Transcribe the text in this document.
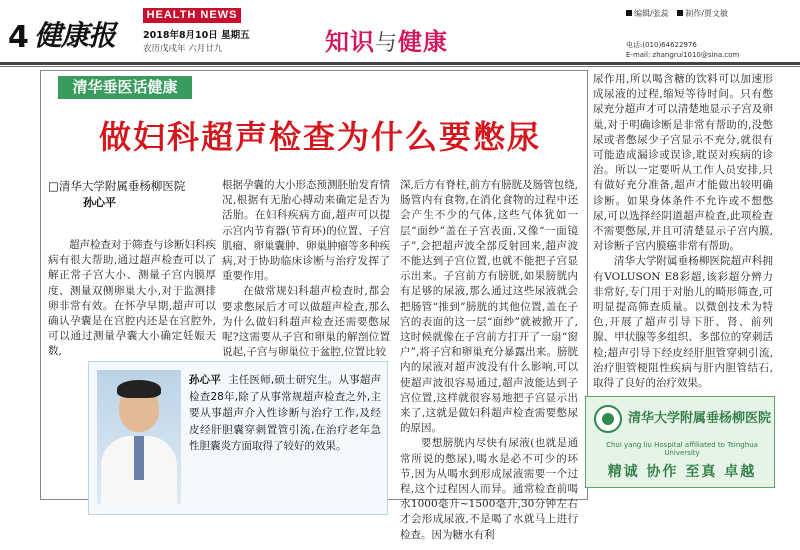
4 健康报
HEALTH NEWS
2018年8月10日 星期五
农历戊戌年 六月廿九	知识与健康
编辑/张蕊 制作/贾文敏
电话:(010)64622976
E-mail: zhangrui1010@sina.com
清华垂医话健康
做妇科超声检查为什么要憋尿
□清华大学附属垂杨柳医院
孙心平

超声检查对于筛查与诊断妇科疾病有很大帮助,通过超声检查可以了解正常子宫大小、测量子宫内膜厚度、测量双侧卵巢大小,对于监测排卵非常有效。在怀孕早期,超声可以确认孕囊是在宫腔内还是在宫腔外,可以通过测量孕囊大小确定妊娠天数,

根据孕囊的大小形态预测胚胎发育情况,根据有无胎心搏动来确定是否为活胎。在妇科疾病方面,超声可以提示宫内节育器(节育环)的位置、子宫肌瘤、卵巢囊肿、卵巢肿瘤等多种疾病,对于协助临床诊断与治疗发挥了重要作用。

在做常规妇科超声检查时,都会要求憋尿后才可以做超声检查,那么为什么做妇科超声检查还需要憋尿呢?这需要从子宫和卵巢的解剖位置说起,子宫与卵巢位于盆腔,位置比较

深,后方有脊柱,前方有膀胱及肠管包绕,肠管内有食物,在消化食物的过程中还会产生不少的气体,这些气体犹如一层“面纱”盖在子宫表面,又像“一面镜子”,会把超声波全部反射回来,超声波不能达到子宫位置,也就不能把子宫显示出来。子宫前方有膀胱,如果膀胱内有足够的尿液,那么通过这些尿液就会把肠管“推到”膀胱的其他位置,盖在子宫的表面的这一层“面纱”就被掀开了,这时候就像在子宫前方打开了一扇“窗户”,将子宫和卵巢充分暴露出来。膀胱内的尿液对超声波没有什么影响,可以使超声波很容易通过,超声波能达到子宫位置,这样就很容易地把子宫显示出来了,这就是做妇科超声检查需要憋尿的原因。

要想膀胱内尽快有尿液(也就是通常所说的憋尿),喝水是必不可少的环节,因为从喝水到形成尿液需要一个过程,这个过程因人而异。通常检查前喝水1000毫升~1500毫升,30分钟左右才会形成尿液,不是喝了水就马上进行检查。因为糖水有利

尿作用,所以喝含糖的饮料可以加速形成尿液的过程,缩短等待时间。只有憋尿充分超声才可以清楚地显示子宫及卵巢,对于明确诊断是非常有帮助的,没憋尿或者憋尿少子宫显示不充分,就很有可能造成漏诊或误诊,耽误对疾病的诊治。所以一定要听从工作人员安排,只有做好充分准备,超声才能做出较明确诊断。如果身体条件不允许或不想憋尿,可以选择经阴道超声检查,此项检查不需要憋尿,并且可清楚显示子宫内膜,对诊断子宫内膜癌非常有帮助。

清华大学附属垂杨柳医院超声科拥有VOLUSON E8彩超,该彩超分辨力非常好,专门用于对胎儿的畸形筛查,可明显提高筛查质量。以微创技术为特色,开展了超声引导下肝、肾、前列腺、甲状腺等多组织、多部位的穿刺活检;超声引导下经皮经肝胆管穿刺引流,治疗胆管梗阻性疾病与肝内胆管结石,取得了良好的治疗效果。

孙心平 主任医师,硕士研究生。从事超声检查28年,除了从事常规超声检查之外,主要从事超声介入性诊断与治疗工作,及经皮经肝胆囊穿刺置管引流,在治疗老年急性胆囊炎方面取得了较好的效果。
清华大学附属垂杨柳医院
Chui yang liu Hospital affiliated to Tsinghua University
精诚 协作 至真 卓越
